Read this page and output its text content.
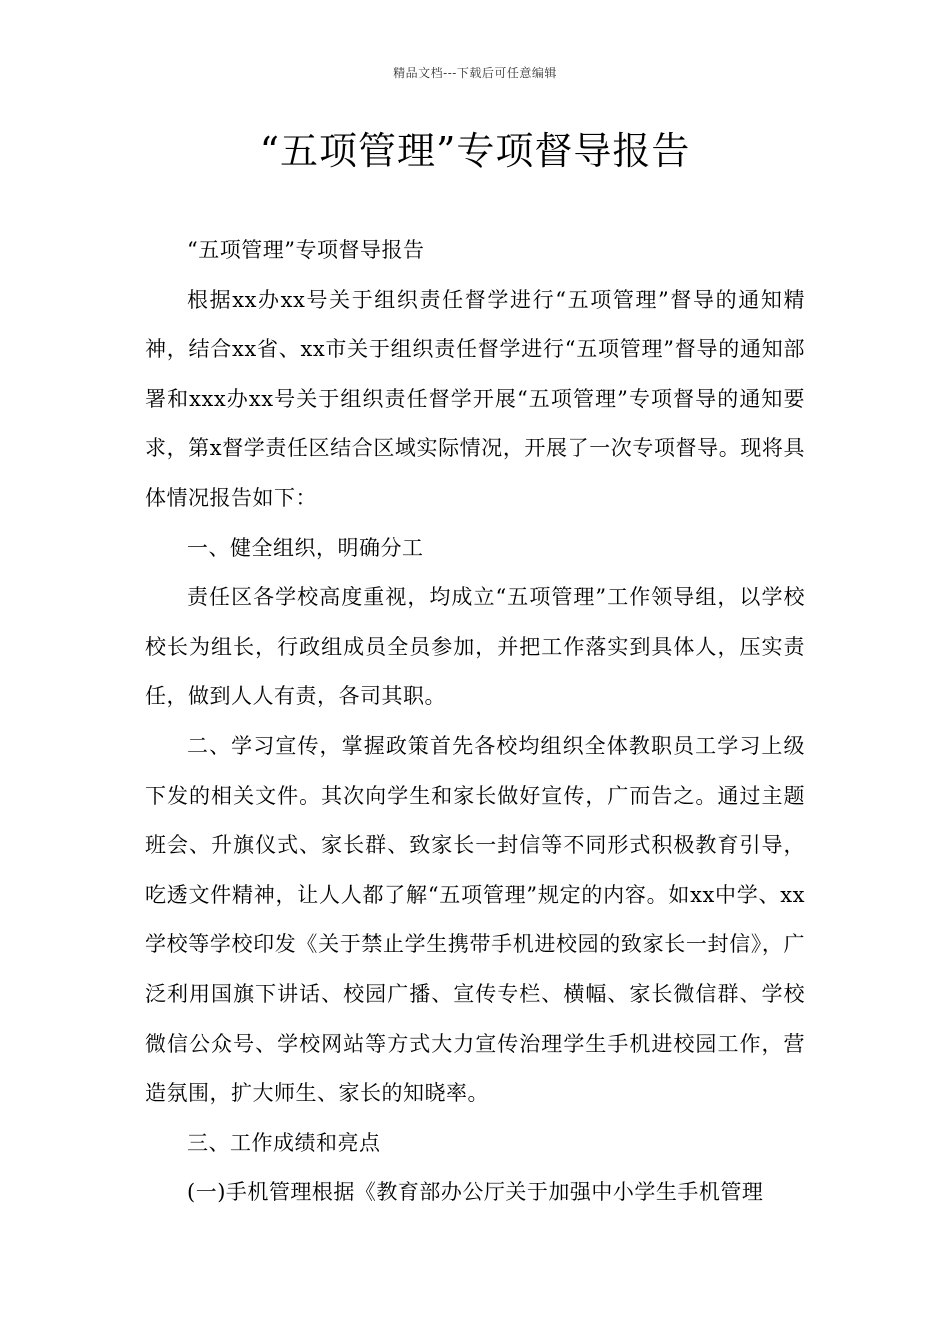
精品文档---下载后可任意编辑
“五项管理”专项督导报告

“五项管理”专项督导报告

根据xx办xx号关于组织责任督学进行“五项管理”督导的通知精神，结合xx省、xx市关于组织责任督学进行“五项管理”督导的通知部署和xxx办xx号关于组织责任督学开展“五项管理”专项督导的通知要求，第x督学责任区结合区域实际情况，开展了一次专项督导。现将具体情况报告如下：

一、健全组织，明确分工

责任区各学校高度重视，均成立“五项管理”工作领导组，以学校校长为组长，行政组成员全员参加，并把工作落实到具体人，压实责任，做到人人有责，各司其职。

二、学习宣传，掌握政策首先各校均组织全体教职员工学习上级下发的相关文件。其次向学生和家长做好宣传，广而告之。通过主题班会、升旗仪式、家长群、致家长一封信等不同形式积极教育引导，吃透文件精神，让人人都了解“五项管理”规定的内容。如xx中学、xx学校等学校印发《关于禁止学生携带手机进校园的致家长一封信》，广泛利用国旗下讲话、校园广播、宣传专栏、横幅、家长微信群、学校微信公众号、学校网站等方式大力宣传治理学生手机进校园工作，营造氛围，扩大师生、家长的知晓率。

三、工作成绩和亮点

(一)手机管理根据《教育部办公厅关于加强中小学生手机管理
